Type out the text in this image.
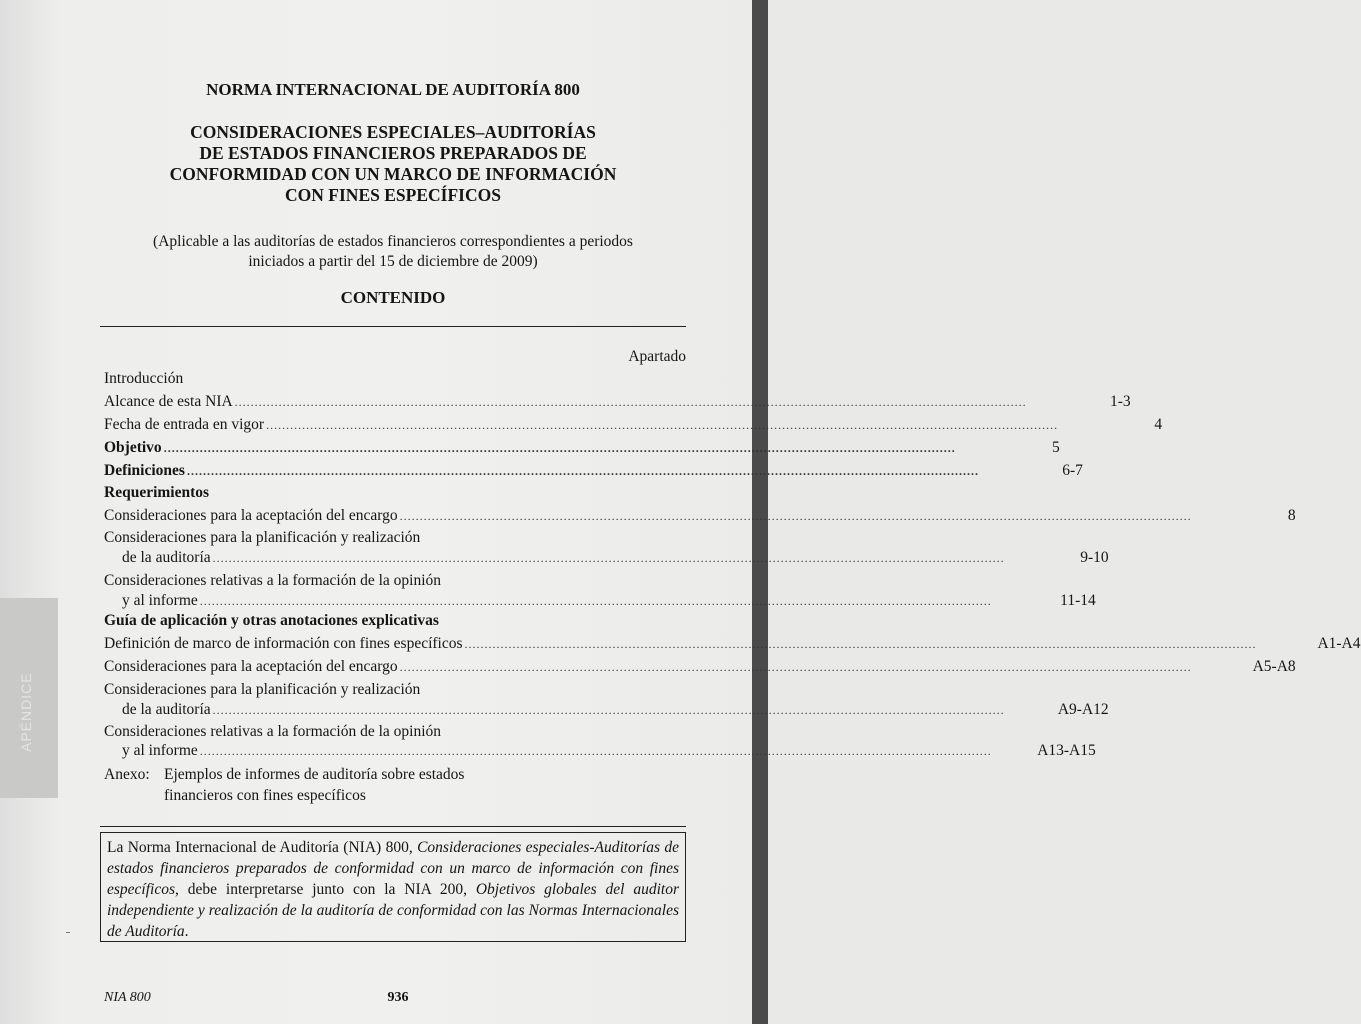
APÉNDICE
NORMA INTERNACIONAL DE AUDITORÍA 800
CONSIDERACIONES ESPECIALES–AUDITORÍAS
DE ESTADOS FINANCIEROS PREPARADOS DE
CONFORMIDAD CON UN MARCO DE INFORMACIÓN
CON FINES ESPECÍFICOS
(Aplicable a las auditorías de estados financieros correspondientes a periodos
iniciados a partir del 15 de diciembre de 2009)
CONTENIDO
Apartado
Introducción
Alcance de esta NIA ......................................................................................................................................................................................................	1-3
Fecha de entrada en vigor ......................................................................................................................................................................................................	4
Objetivo ......................................................................................................................................................................................................	5
Definiciones ......................................................................................................................................................................................................	6-7
Requerimientos
Consideraciones para la aceptación del encargo ......................................................................................................................................................................................................	8
Consideraciones para la planificación y realización
de la auditoría ......................................................................................................................................................................................................	9-10
Consideraciones relativas a la formación de la opinión
y al informe ......................................................................................................................................................................................................	11-14
Guía de aplicación y otras anotaciones explicativas
Definición de marco de información con fines específicos ......................................................................................................................................................................................................	A1-A4
Consideraciones para la aceptación del encargo ......................................................................................................................................................................................................	A5-A8
Consideraciones para la planificación y realización
de la auditoría ......................................................................................................................................................................................................	A9-A12
Consideraciones relativas a la formación de la opinión
y al informe ......................................................................................................................................................................................................	A13-A15
Anexo: Ejemplos de informes de auditoría sobre estados
financieros con fines específicos
La Norma Internacional de Auditoría (NIA) 800, Consideraciones especiales-Auditorías de estados financieros preparados de conformidad con un marco de información con fines específicos, debe interpretarse junto con la NIA 200, Objetivos globales del auditor independiente y realización de la auditoría de conformidad con las Normas Internacionales de Auditoría.
NIA 800	936
